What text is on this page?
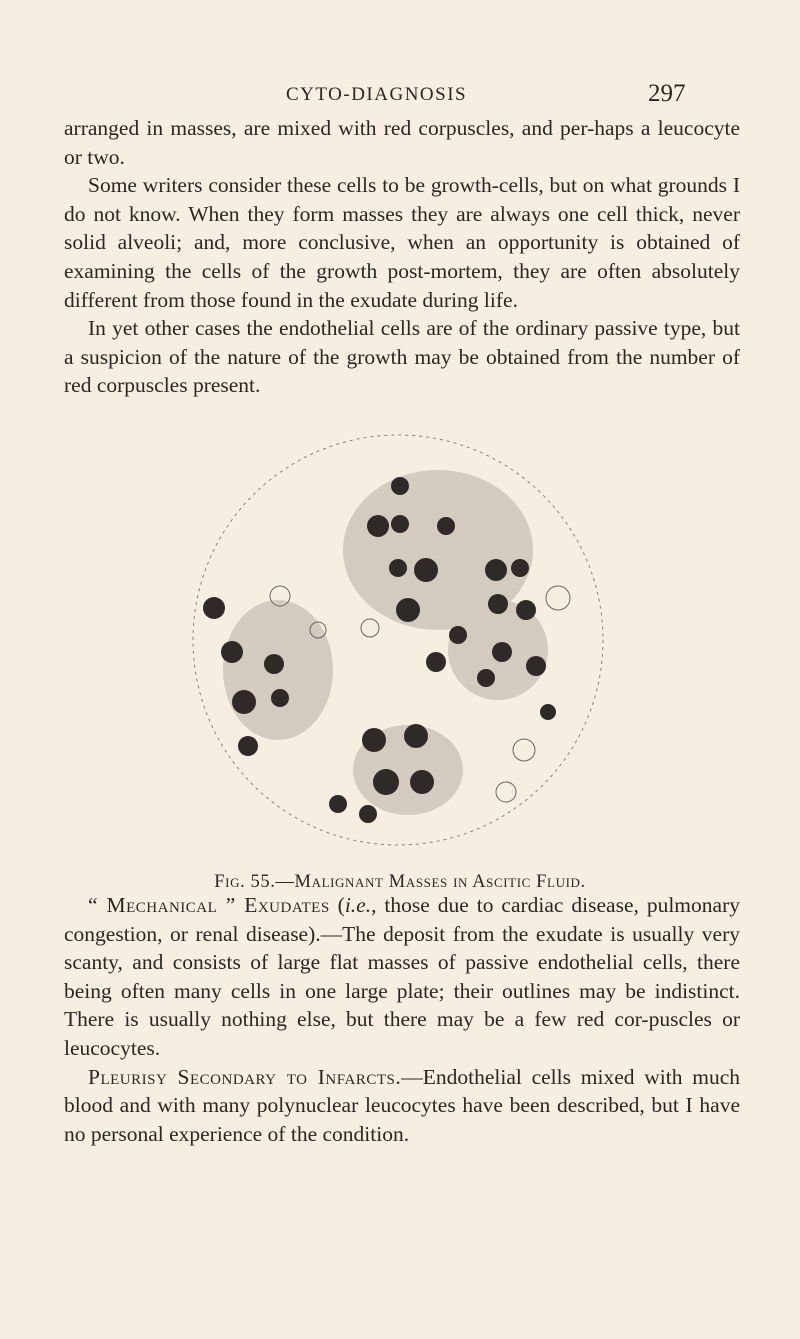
CYTO-DIAGNOSIS	297

arranged in masses, are mixed with red corpuscles, and per-haps a leucocyte or two.

Some writers consider these cells to be growth-cells, but on what grounds I do not know. When they form masses they are always one cell thick, never solid alveoli; and, more conclusive, when an opportunity is obtained of examining the cells of the growth post-mortem, they are often absolutely different from those found in the exudate during life.

In yet other cases the endothelial cells are of the ordinary passive type, but a suspicion of the nature of the growth may be obtained from the number of red corpuscles present.

Fig. 55.—Malignant Masses in Ascitic Fluid.

“ Mechanical ” Exudates (i.e., those due to cardiac disease, pulmonary congestion, or renal disease).—The deposit from the exudate is usually very scanty, and consists of large flat masses of passive endothelial cells, there being often many cells in one large plate; their outlines may be indistinct. There is usually nothing else, but there may be a few red cor-puscles or leucocytes.

Pleurisy Secondary to Infarcts.—Endothelial cells mixed with much blood and with many polynuclear leucocytes have been described, but I have no personal experience of the condition.
